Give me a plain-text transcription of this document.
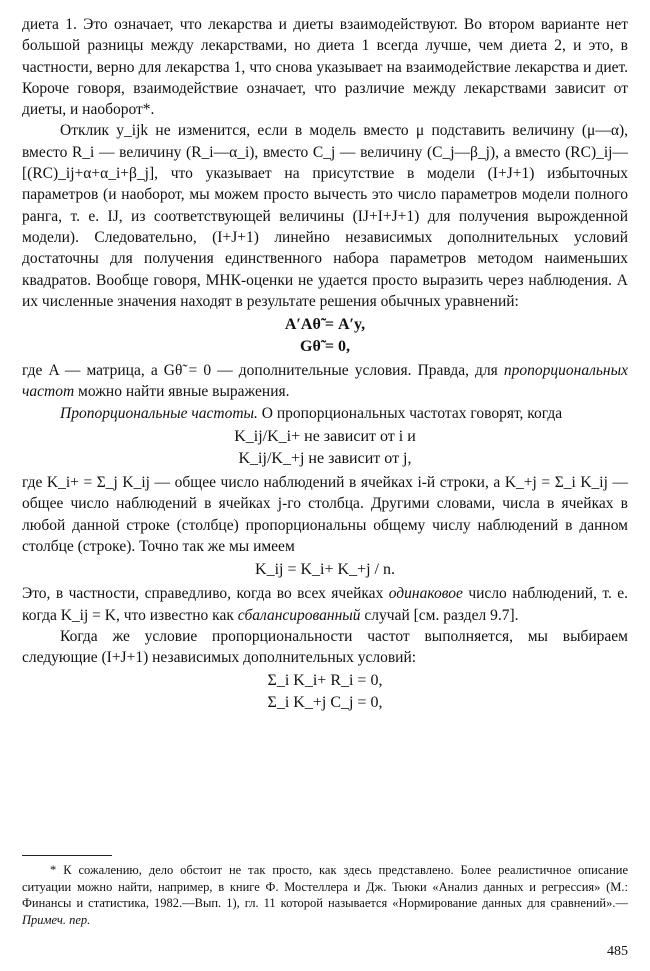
диета 1. Это означает, что лекарства и диеты взаимодействуют. Во втором варианте нет большой разницы между лекарствами, но диета 1 всегда лучше, чем диета 2, и это, в частности, верно для лекарства 1, что снова указывает на взаимодействие лекарства и диет. Короче говоря, взаимодействие означает, что различие между лекарствами зависит от диеты, и наоборот*.

Отклик y_ijk не изменится, если в модель вместо μ подставить величину (μ—α), вместо R_i — величину (R_i—α_i), вместо C_j — величину (C_j—β_j), а вместо (RC)_ij—[(RC)_ij+α+α_i+β_j], что указывает на присутствие в модели (I+J+1) избыточных параметров (и наоборот, мы можем просто вычесть это число параметров модели полного ранга, т. е. IJ, из соответствующей величины (IJ+I+J+1) для получения вырожденной модели). Следовательно, (I+J+1) линейно независимых дополнительных условий достаточны для получения единственного набора параметров методом наименьших квадратов. Вообще говоря, МНК-оценки не удается просто выразить через наблюдения. А их численные значения находят в результате решения обычных уравнений:

A′Aθ̃ = A′y,
Gθ̃ = 0,

где A — матрица, а Gθ̃ = 0 — дополнительные условия. Правда, для пропорциональных частот можно найти явные выражения.

Пропорциональные частоты. О пропорциональных частотах говорят, когда

K_ij/K_i+ не зависит от i и
K_ij/K_+j не зависит от j,

где K_i+ = Σ_j K_ij — общее число наблюдений в ячейках i-й строки, а K_+j = Σ_i K_ij — общее число наблюдений в ячейках j-го столбца. Другими словами, числа в ячейках в любой данной строке (столбце) пропорциональны общему числу наблюдений в данном столбце (строке). Точно так же мы имеем

K_ij = K_i+ K_+j / n.

Это, в частности, справедливо, когда во всех ячейках одинаковое число наблюдений, т. е. когда K_ij = K, что известно как сбалансированный случай [см. раздел 9.7].

Когда же условие пропорциональности частот выполняется, мы выбираем следующие (I+J+1) независимых дополнительных условий:

Σ_i K_i+ R_i = 0,
Σ_i K_+j C_j = 0,

* К сожалению, дело обстоит не так просто, как здесь представлено. Более реалистичное описание ситуации можно найти, например, в книге Ф. Мостеллера и Дж. Тьюки «Анализ данных и регрессия» (М.: Финансы и статистика, 1982.—Вып. 1), гл. 11 которой называется «Нормирование данных для сравнений».—Примеч. пер.

485
